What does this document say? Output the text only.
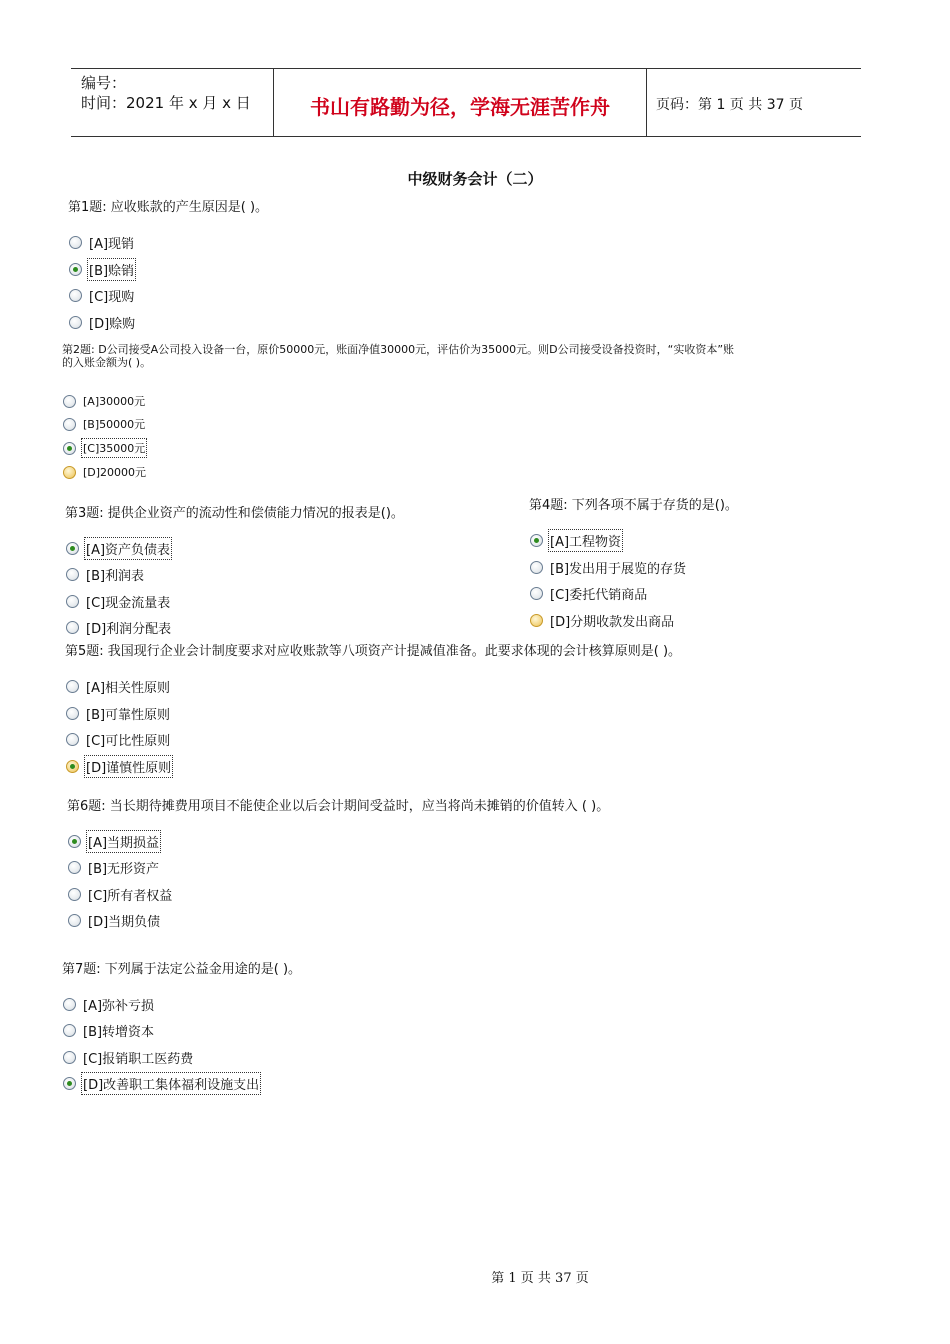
编号：
时间：2021 年 x 月 x 日	书山有路勤为径，学海无涯苦作舟	页码：第 1 页 共 37 页
中级财务会计（二）
第1题: 应收账款的产生原因是( )。
[A]现销
[B]赊销
[C]现购
[D]赊购
第2题: D公司接受A公司投入设备一台，原价50000元，账面净值30000元，评估价为35000元。则D公司接受设备投资时，“实收资本”账
的入账金额为( )。
[A]30000元
[B]50000元
[C]35000元
[D]20000元
第3题: 提供企业资产的流动性和偿债能力情况的报表是()。
[A]资产负债表
[B]利润表
[C]现金流量表
[D]利润分配表
第4题: 下列各项不属于存货的是()。
[A]工程物资
[B]发出用于展览的存货
[C]委托代销商品
[D]分期收款发出商品
第5题: 我国现行企业会计制度要求对应收账款等八项资产计提减值准备。此要求体现的会计核算原则是( )。
[A]相关性原则
[B]可靠性原则
[C]可比性原则
[D]谨慎性原则
第6题: 当长期待摊费用项目不能使企业以后会计期间受益时，应当将尚未摊销的价值转入 ( )。
[A]当期损益
[B]无形资产
[C]所有者权益
[D]当期负债
第7题: 下列属于法定公益金用途的是( )。
[A]弥补亏损
[B]转增资本
[C]报销职工医药费
[D]改善职工集体福利设施支出
第 1 页 共 37 页
